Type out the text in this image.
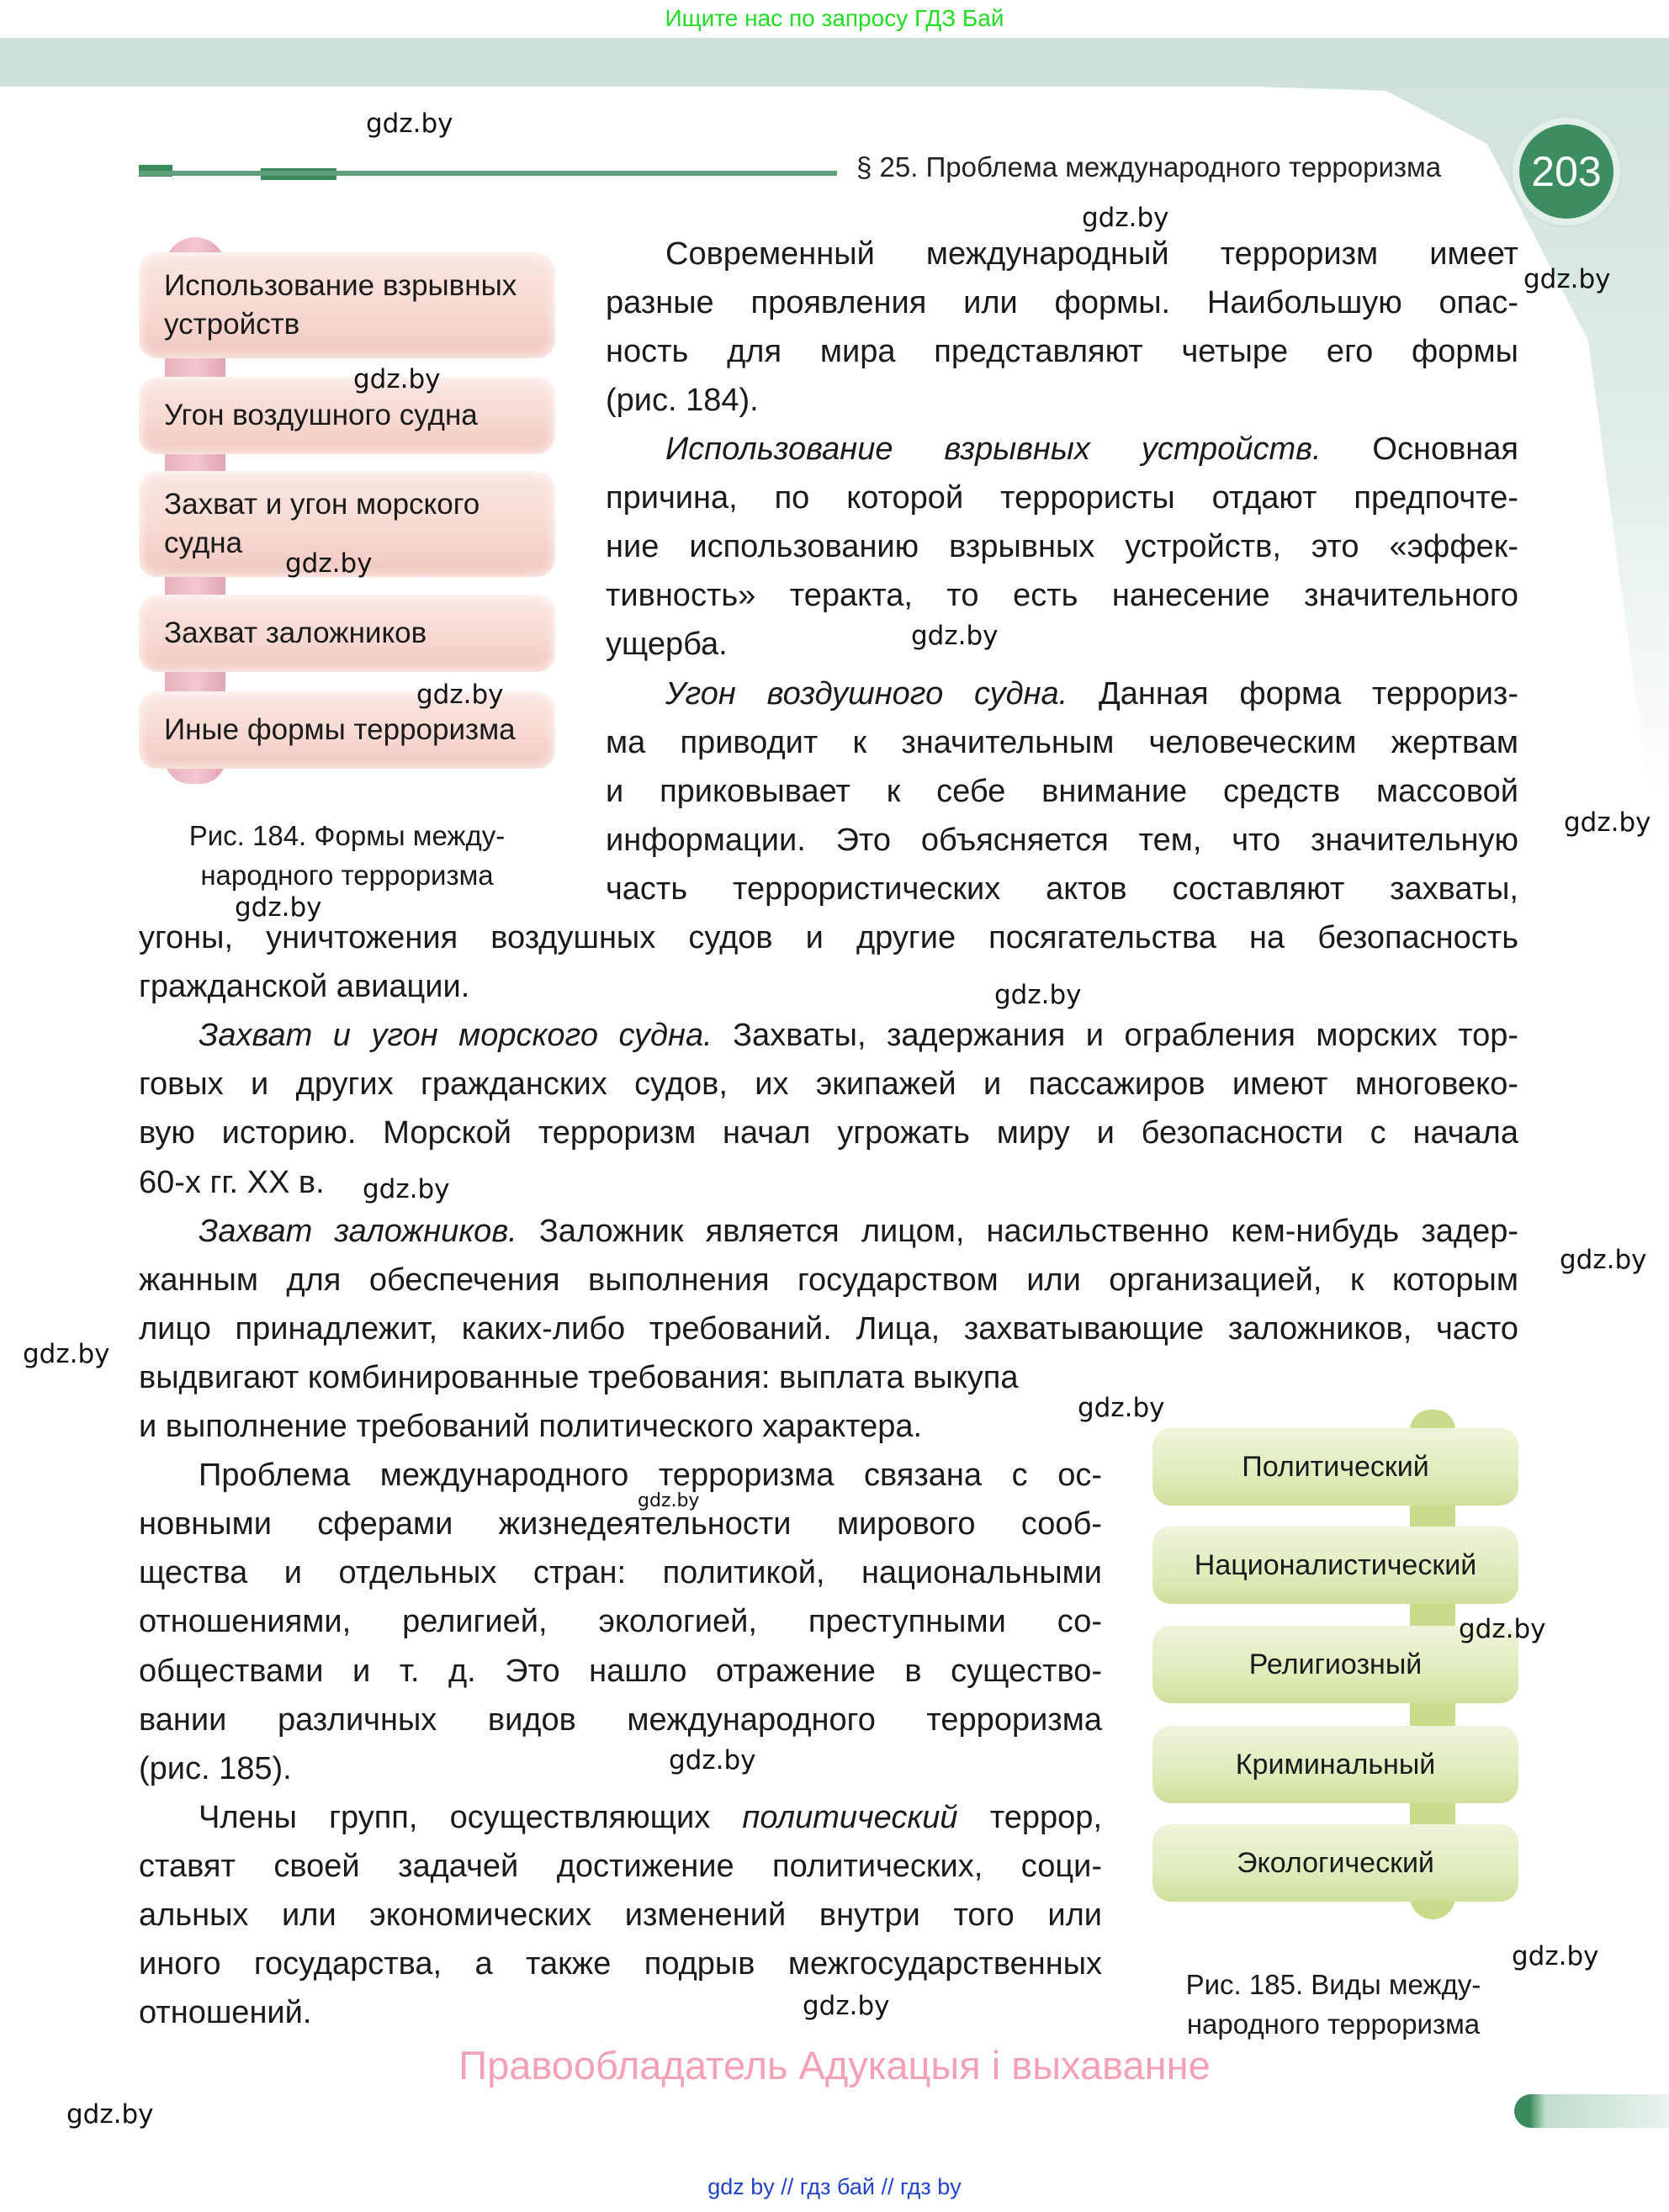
Ищите нас по запросу ГДЗ Бай
§ 25. Проблема международного терроризма 203
Использование взрывных устройств
Угон воздушного судна
Захват и угон морского судна
Захват заложников
Иные формы терроризма
Рис. 184. Формы между-
народного терроризма
Политический
Националистический
Религиозный
Криминальный
Экологический
Рис. 185. Виды между-
народного терроризма
Современный международный терроризм имеет
разные проявления или формы. Наибольшую опас-
ность для мира представляют четыре его формы
(рис. 184).
Использование взрывных устройств. Основная
причина, по которой террористы отдают предпочте-
ние использованию взрывных устройств, это «эффек-
тивность» теракта, то есть нанесение значительного
ущерба.
Угон воздушного судна. Данная форма террориз-
ма приводит к значительным человеческим жертвам
и приковывает к себе внимание средств массовой
информации. Это объясняется тем, что значительную
часть террористических актов составляют захваты,
угоны, уничтожения воздушных судов и другие посягательства на безопасность
гражданской авиации.
Захват и угон морского судна. Захваты, задержания и ограбления морских тор-
говых и других гражданских судов, их экипажей и пассажиров имеют многовеко-
вую историю. Морской терроризм начал угрожать миру и безопасности с начала
60-х гг. XX в.
Захват заложников. Заложник является лицом, насильственно кем-нибудь задер-
жанным для обеспечения выполнения государством или организацией, к которым
лицо принадлежит, каких-либо требований. Лица, захватывающие заложников, часто
выдвигают комбинированные требования: выплата выкупа
и выполнение требований политического характера.
Проблема международного терроризма связана с ос-
новными сферами жизнедеятельности мирового сооб-
щества и отдельных стран: политикой, национальными
отношениями, религией, экологией, преступными со-
обществами и т. д. Это нашло отражение в существо-
вании различных видов международного терроризма
(рис. 185).
Члены групп, осуществляющих политический террор,
ставят своей задачей достижение политических, соци-
альных или экономических изменений внутри того или
иного государства, а также подрыв межгосударственных
отношений.
gdz.by
gdz.by
gdz.by
gdz.by
gdz.by
gdz.by
gdz.by
gdz.by
gdz.by
gdz.by
gdz.by
gdz.by
gdz.by
gdz.by
gdz.by
gdz.by
gdz.by
gdz.by
gdz.by
gdz.by
Правообладатель Адукацыя і выхаванне
gdz by // гдз бай // гдз by
